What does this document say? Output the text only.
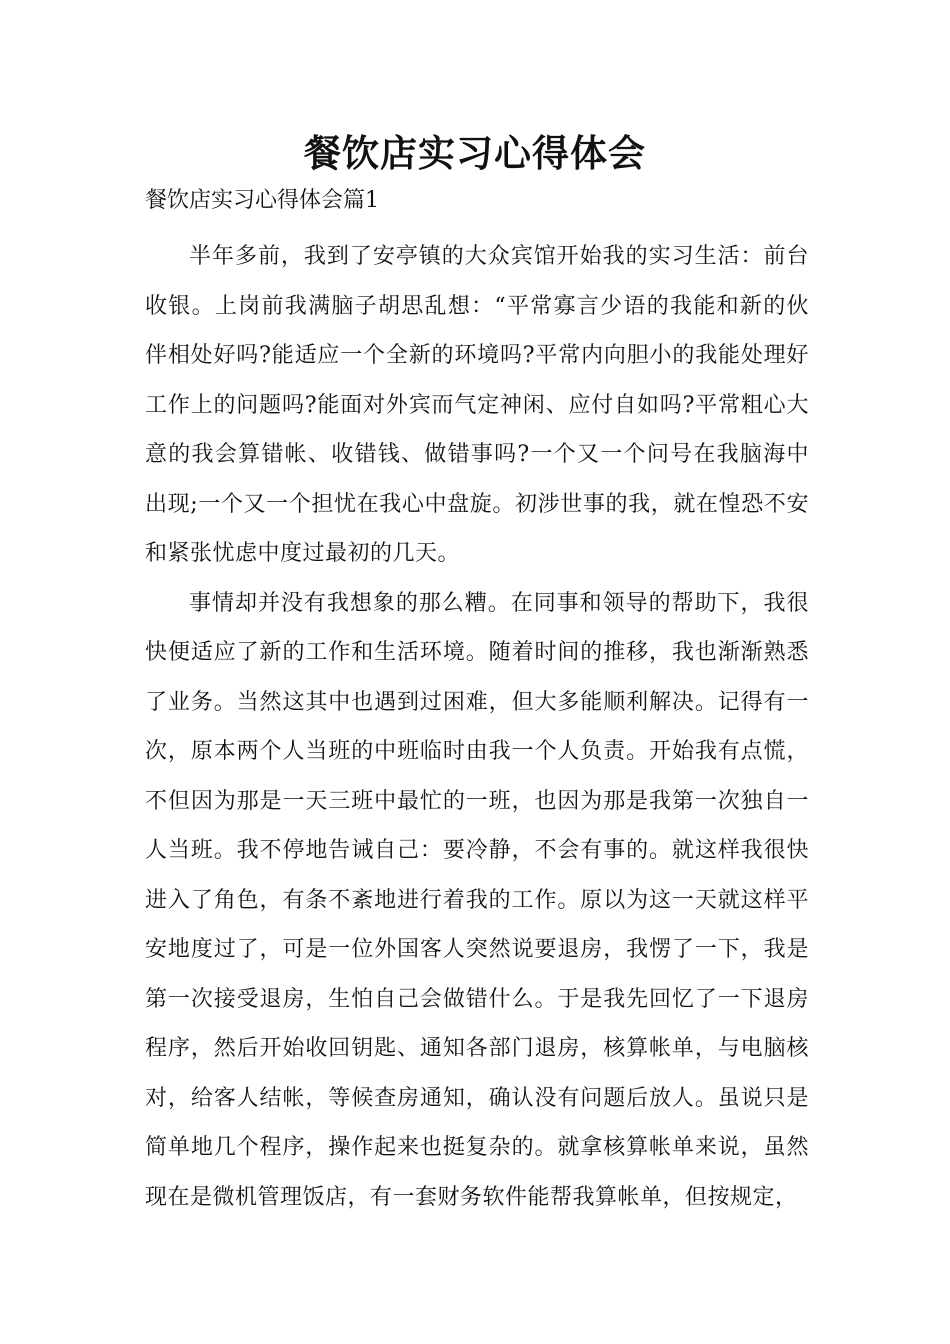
餐饮店实习心得体会

餐饮店实习心得体会篇1

半年多前，我到了安亭镇的大众宾馆开始我的实习生活：前台收银。上岗前我满脑子胡思乱想：“平常寡言少语的我能和新的伙伴相处好吗?能适应一个全新的环境吗?平常内向胆小的我能处理好工作上的问题吗?能面对外宾而气定神闲、应付自如吗?平常粗心大意的我会算错帐、收错钱、做错事吗?一个又一个问号在我脑海中出现;一个又一个担忧在我心中盘旋。初涉世事的我，就在惶恐不安和紧张忧虑中度过最初的几天。

事情却并没有我想象的那么糟。在同事和领导的帮助下，我很快便适应了新的工作和生活环境。随着时间的推移，我也渐渐熟悉了业务。当然这其中也遇到过困难，但大多能顺利解决。记得有一次，原本两个人当班的中班临时由我一个人负责。开始我有点慌，不但因为那是一天三班中最忙的一班，也因为那是我第一次独自一人当班。我不停地告诫自己：要冷静，不会有事的。就这样我很快进入了角色，有条不紊地进行着我的工作。原以为这一天就这样平安地度过了，可是一位外国客人突然说要退房，我愣了一下，我是第一次接受退房，生怕自己会做错什么。于是我先回忆了一下退房程序，然后开始收回钥匙、通知各部门退房，核算帐单，与电脑核对，给客人结帐，等候查房通知，确认没有问题后放人。虽说只是简单地几个程序，操作起来也挺复杂的。就拿核算帐单来说，虽然现在是微机管理饭店，有一套财务软件能帮我算帐单，但按规定，
